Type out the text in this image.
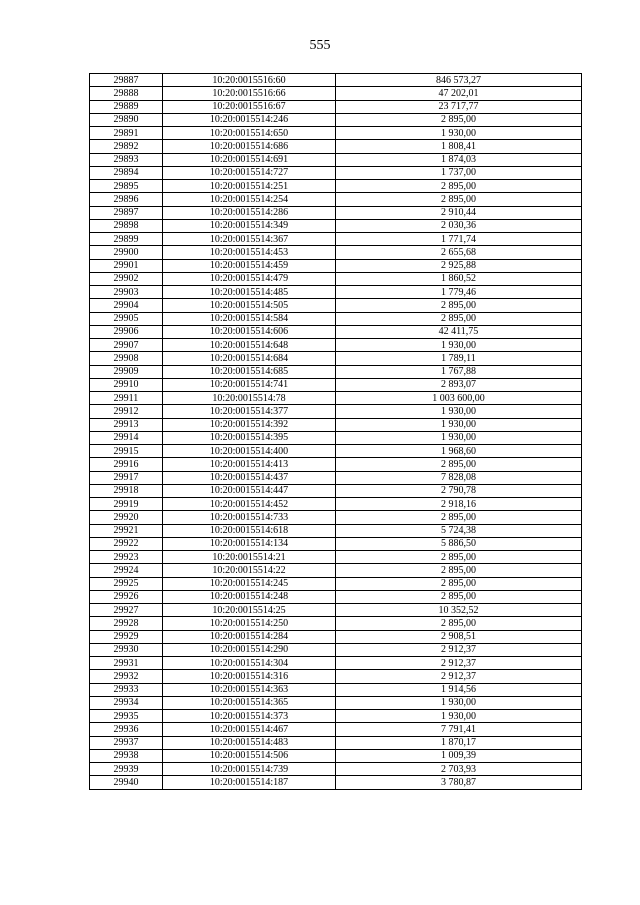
555
29887	10:20:0015516:60	846 573,27
29888	10:20:0015516:66	47 202,01
29889	10:20:0015516:67	23 717,77
29890	10:20:0015514:246	2 895,00
29891	10:20:0015514:650	1 930,00
29892	10:20:0015514:686	1 808,41
29893	10:20:0015514:691	1 874,03
29894	10:20:0015514:727	1 737,00
29895	10:20:0015514:251	2 895,00
29896	10:20:0015514:254	2 895,00
29897	10:20:0015514:286	2 910,44
29898	10:20:0015514:349	2 030,36
29899	10:20:0015514:367	1 771,74
29900	10:20:0015514:453	2 655,68
29901	10:20:0015514:459	2 925,88
29902	10:20:0015514:479	1 860,52
29903	10:20:0015514:485	1 779,46
29904	10:20:0015514:505	2 895,00
29905	10:20:0015514:584	2 895,00
29906	10:20:0015514:606	42 411,75
29907	10:20:0015514:648	1 930,00
29908	10:20:0015514:684	1 789,11
29909	10:20:0015514:685	1 767,88
29910	10:20:0015514:741	2 893,07
29911	10:20:0015514:78	1 003 600,00
29912	10:20:0015514:377	1 930,00
29913	10:20:0015514:392	1 930,00
29914	10:20:0015514:395	1 930,00
29915	10:20:0015514:400	1 968,60
29916	10:20:0015514:413	2 895,00
29917	10:20:0015514:437	7 828,08
29918	10:20:0015514:447	2 790,78
29919	10:20:0015514:452	2 918,16
29920	10:20:0015514:733	2 895,00
29921	10:20:0015514:618	5 724,38
29922	10:20:0015514:134	5 886,50
29923	10:20:0015514:21	2 895,00
29924	10:20:0015514:22	2 895,00
29925	10:20:0015514:245	2 895,00
29926	10:20:0015514:248	2 895,00
29927	10:20:0015514:25	10 352,52
29928	10:20:0015514:250	2 895,00
29929	10:20:0015514:284	2 908,51
29930	10:20:0015514:290	2 912,37
29931	10:20:0015514:304	2 912,37
29932	10:20:0015514:316	2 912,37
29933	10:20:0015514:363	1 914,56
29934	10:20:0015514:365	1 930,00
29935	10:20:0015514:373	1 930,00
29936	10:20:0015514:467	7 791,41
29937	10:20:0015514:483	1 870,17
29938	10:20:0015514:506	1 009,39
29939	10:20:0015514:739	2 703,93
29940	10:20:0015514:187	3 780,87
